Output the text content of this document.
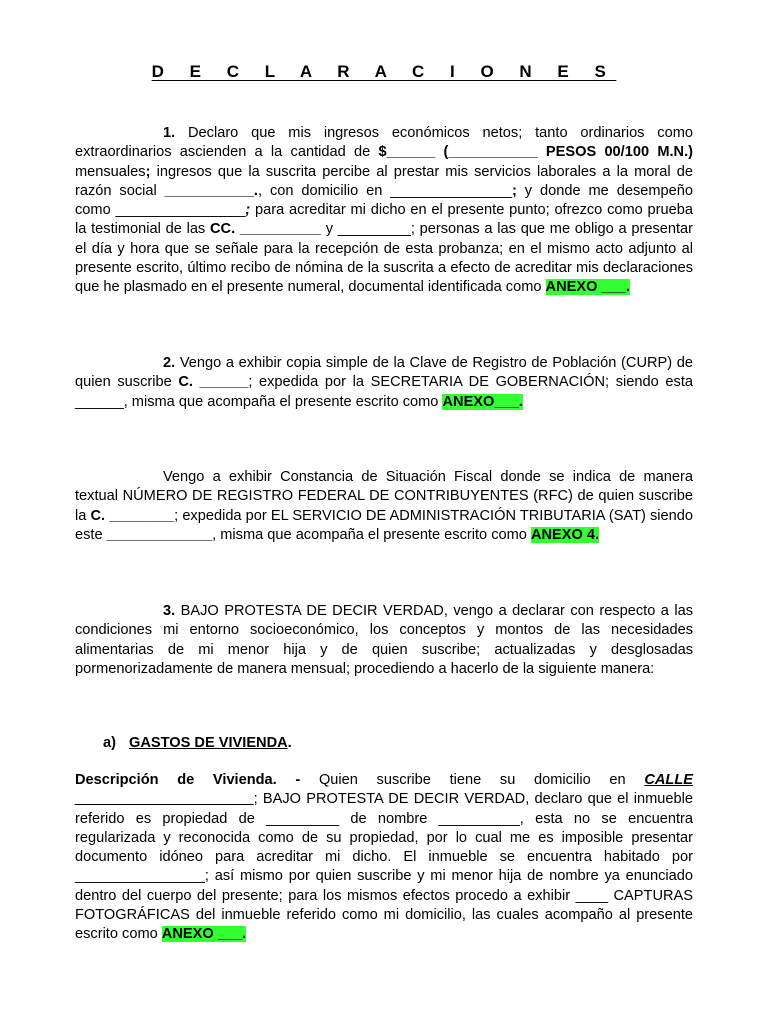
D E C L A R A C I O N E S

1. Declaro que mis ingresos económicos netos; tanto ordinarios como extraordinarios ascienden a la cantidad de $______ (___________ PESOS 00/100 M.N.) mensuales; ingresos que la suscrita percibe al prestar mis servicios laborales a la moral de razón social ___________., con domicilio en _______________; y donde me desempeño como ________________; para acreditar mi dicho en el presente punto; ofrezco como prueba la testimonial de las CC. __________ y _________; personas a las que me obligo a presentar el día y hora que se señale para la recepción de esta probanza; en el mismo acto adjunto al presente escrito, último recibo de nómina de la suscrita a efecto de acreditar mis declaraciones que he plasmado en el presente numeral, documental identificada como ANEXO ___.

2. Vengo a exhibir copia simple de la Clave de Registro de Población (CURP) de quien suscribe C. ______; expedida por la SECRETARIA DE GOBERNACIÓN; siendo esta ______, misma que acompaña el presente escrito como ANEXO___.

Vengo a exhibir Constancia de Situación Fiscal donde se indica de manera textual NÚMERO DE REGISTRO FEDERAL DE CONTRIBUYENTES (RFC) de quien suscribe la C. ________; expedida por EL SERVICIO DE ADMINISTRACIÓN TRIBUTARIA (SAT) siendo este _____________, misma que acompaña el presente escrito como ANEXO 4.

3. BAJO PROTESTA DE DECIR VERDAD, vengo a declarar con respecto a las condiciones mi entorno socioeconómico, los conceptos y montos de las necesidades alimentarias de mi menor hija y de quien suscribe; actualizadas y desglosadas pormenorizadamente de manera mensual; procediendo a hacerlo de la siguiente manera:

a) GASTOS DE VIVIENDA.

Descripción de Vivienda. - Quien suscribe tiene su domicilio en CALLE ______________________; BAJO PROTESTA DE DECIR VERDAD, declaro que el inmueble referido es propiedad de _________ de nombre __________, esta no se encuentra regularizada y reconocida como de su propiedad, por lo cual me es imposible presentar documento idóneo para acreditar mi dicho. El inmueble se encuentra habitado por ________________; así mismo por quien suscribe y mi menor hija de nombre ya enunciado dentro del cuerpo del presente; para los mismos efectos procedo a exhibir ____ CAPTURAS FOTOGRÁFICAS del inmueble referido como mi domicilio, las cuales acompaño al presente escrito como ANEXO ___.
